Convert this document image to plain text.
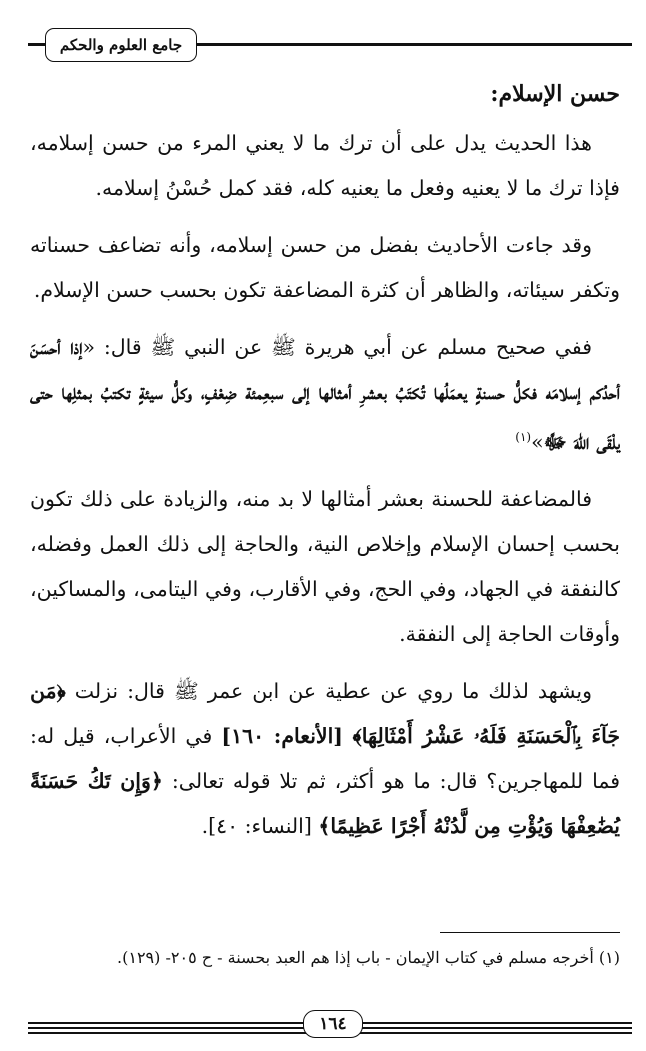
جامع العلوم والحكم

حسن الإسلام:

هذا الحديث يدل على أن ترك ما لا يعني المرء من حسن إسلامه، فإذا ترك ما لا يعنيه وفعل ما يعنيه كله، فقد كمل حُسْنُ إسلامه.

وقد جاءت الأحاديث بفضل من حسن إسلامه، وأنه تضاعف حسناته وتكفر سيئاته، والظاهر أن كثرة المضاعفة تكون بحسب حسن الإسلام.

ففي صحيح مسلم عن أبي هريرة ﷺ عن النبي ﷺ قال: «إذا أحسَنَ أحدُكم إسلامَه فكلُّ حسنةٍ يعمَلُها تُكتَبُ بعشرِ أمثالها إلى سبعِمئة ضِعْفٍ، وكلُّ سيئةٍ تكتبُ بمثلِها حتى يلْقَى اللهَ ﷻ»$^{(١)}$

فالمضاعفة للحسنة بعشر أمثالها لا بد منه، والزيادة على ذلك تكون بحسب إحسان الإسلام وإخلاص النية، والحاجة إلى ذلك العمل وفضله، كالنفقة في الجهاد، وفي الحج، وفي الأقارب، وفي اليتامى، والمساكين، وأوقات الحاجة إلى النفقة.

ويشهد لذلك ما روي عن عطية عن ابن عمر ﷺ قال: نزلت ﴿مَن جَآءَ بِٱلْحَسَنَةِ فَلَهُۥ عَشْرُ أَمْثَالِهَا﴾ [الأنعام: ١٦٠] في الأعراب، قيل له: فما للمهاجرين؟ قال: ما هو أكثر، ثم تلا قوله تعالى: ﴿وَإِن تَكُ حَسَنَةً يُضَٰعِفْهَا وَيُؤْتِ مِن لَّدُنْهُ أَجْرًا عَظِيمًا﴾ [النساء: ٤٠].

(١) أخرجه مسلم في كتاب الإيمان - باب إذا هم العبد بحسنة - ح ٢٠٥- (١٢٩).
١٦٤
